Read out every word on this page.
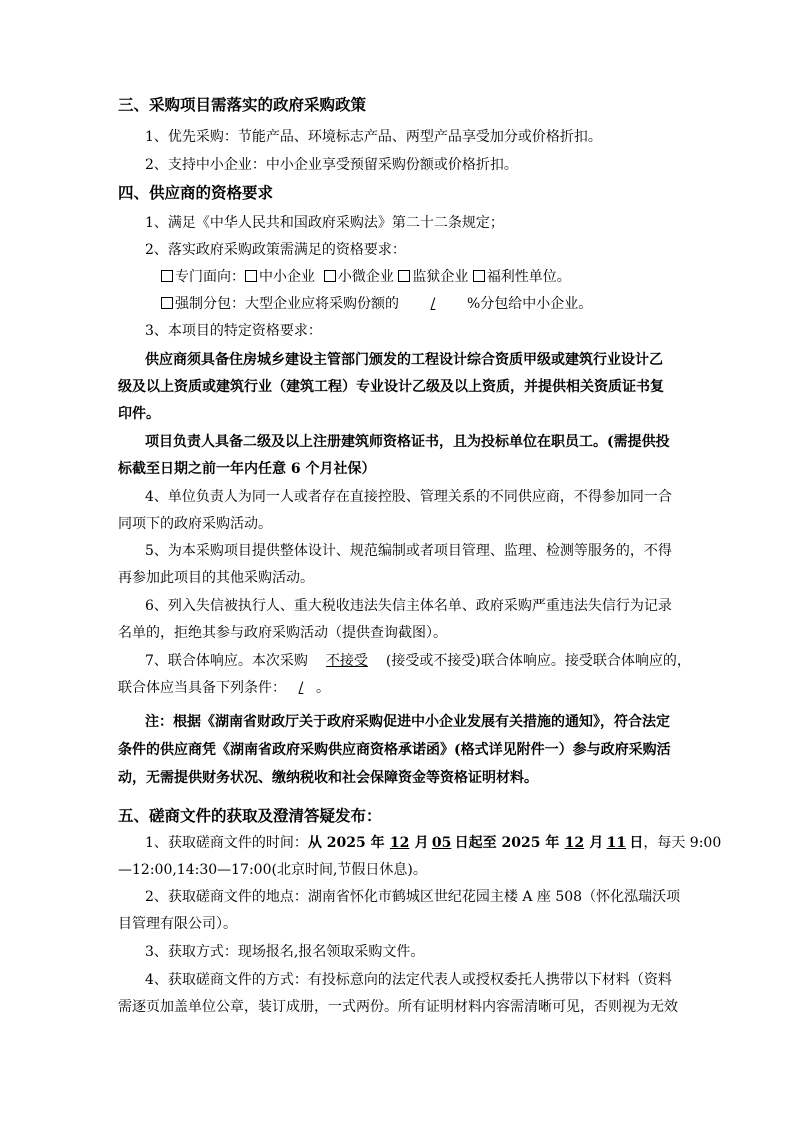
三、采购项目需落实的政府采购政策
1、优先采购：节能产品、环境标志产品、两型产品享受加分或价格折扣。
2、支持中小企业：中小企业享受预留采购份额或价格折扣。
四、供应商的资格要求
1、满足《中华人民共和国政府采购法》第二十二条规定；
2、落实政府采购政策需满足的资格要求：
专门面向： 中小企业 小微企业 监狱企业 福利性单位。
强制分包：大型企业应将采购份额的 / %分包给中小企业。
3、本项目的特定资格要求：
供应商须具备住房城乡建设主管部门颁发的工程设计综合资质甲级或建筑行业设计乙
级及以上资质或建筑行业（建筑工程）专业设计乙级及以上资质，并提供相关资质证书复
印件。
项目负责人具备二级及以上注册建筑师资格证书，且为投标单位在职员工。(需提供投
标截至日期之前一年内任意 6 个月社保）
4、单位负责人为同一人或者存在直接控股、管理关系的不同供应商，不得参加同一合
同项下的政府采购活动。
5、为本采购项目提供整体设计、规范编制或者项目管理、监理、检测等服务的，不得
再参加此项目的其他采购活动。
6、列入失信被执行人、重大税收违法失信主体名单、政府采购严重违法失信行为记录
名单的，拒绝其参与政府采购活动（提供查询截图）。
7、联合体响应。本次采购 不接受 (接受或不接受)联合体响应。接受联合体响应的，
联合体应当具备下列条件： / 。
注：根据《湖南省财政厅关于政府采购促进中小企业发展有关措施的通知》，符合法定
条件的供应商凭《湖南省政府采购供应商资格承诺函》(格式详见附件一）参与政府采购活
动，无需提供财务状况、缴纳税收和社会保障资金等资格证明材料。
五、磋商文件的获取及澄清答疑发布：
1、获取磋商文件的时间：从 2025 年 12 月 05 日起至 2025 年 12 月 11 日，每天 9:00
—12:00,14:30—17:00(北京时间,节假日休息)。
2、获取磋商文件的地点：湖南省怀化市鹤城区世纪花园主楼 A 座 508（怀化泓瑞沃项
目管理有限公司）。
3、获取方式：现场报名,报名领取采购文件。
4、获取磋商文件的方式：有投标意向的法定代表人或授权委托人携带以下材料（资料
需逐页加盖单位公章，装订成册，一式两份。所有证明材料内容需清晰可见，否则视为无效
